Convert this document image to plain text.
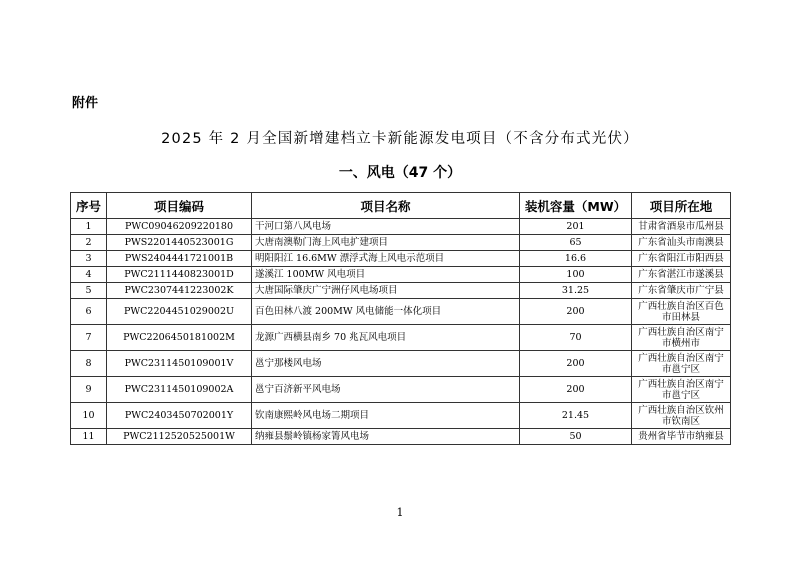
附件
2025 年 2 月全国新增建档立卡新能源发电项目（不含分布式光伏）
一、风电（47 个）
序号	项目编码	项目名称	装机容量（MW）	项目所在地
1	PWC09046209220180	干河口第八风电场	201	甘肃省酒泉市瓜州县
2	PWS2201440523001G	大唐南澳勒门海上风电扩建项目	65	广东省汕头市南澳县
3	PWS2404441721001B	明阳阳江 16.6MW 漂浮式海上风电示范项目	16.6	广东省阳江市阳西县
4	PWC2111440823001D	遂溪江 100MW 风电项目	100	广东省湛江市遂溪县
5	PWC2307441223002K	大唐国际肇庆广宁洲仔风电场项目	31.25	广东省肇庆市广宁县
6	PWC2204451029002U	百色田林八渡 200MW 风电储能一体化项目	200	广西壮族自治区百色市田林县
7	PWC2206450181002M	龙源广西横县南乡 70 兆瓦风电项目	70	广西壮族自治区南宁市横州市
8	PWC2311450109001V	邕宁那楼风电场	200	广西壮族自治区南宁市邕宁区
9	PWC2311450109002A	邕宁百济新平风电场	200	广西壮族自治区南宁市邕宁区
10	PWC2403450702001Y	钦南康熙岭风电场二期项目	21.45	广西壮族自治区钦州市钦南区
11	PWC2112520525001W	纳雍县鬃岭镇杨家箐风电场	50	贵州省毕节市纳雍县
1
